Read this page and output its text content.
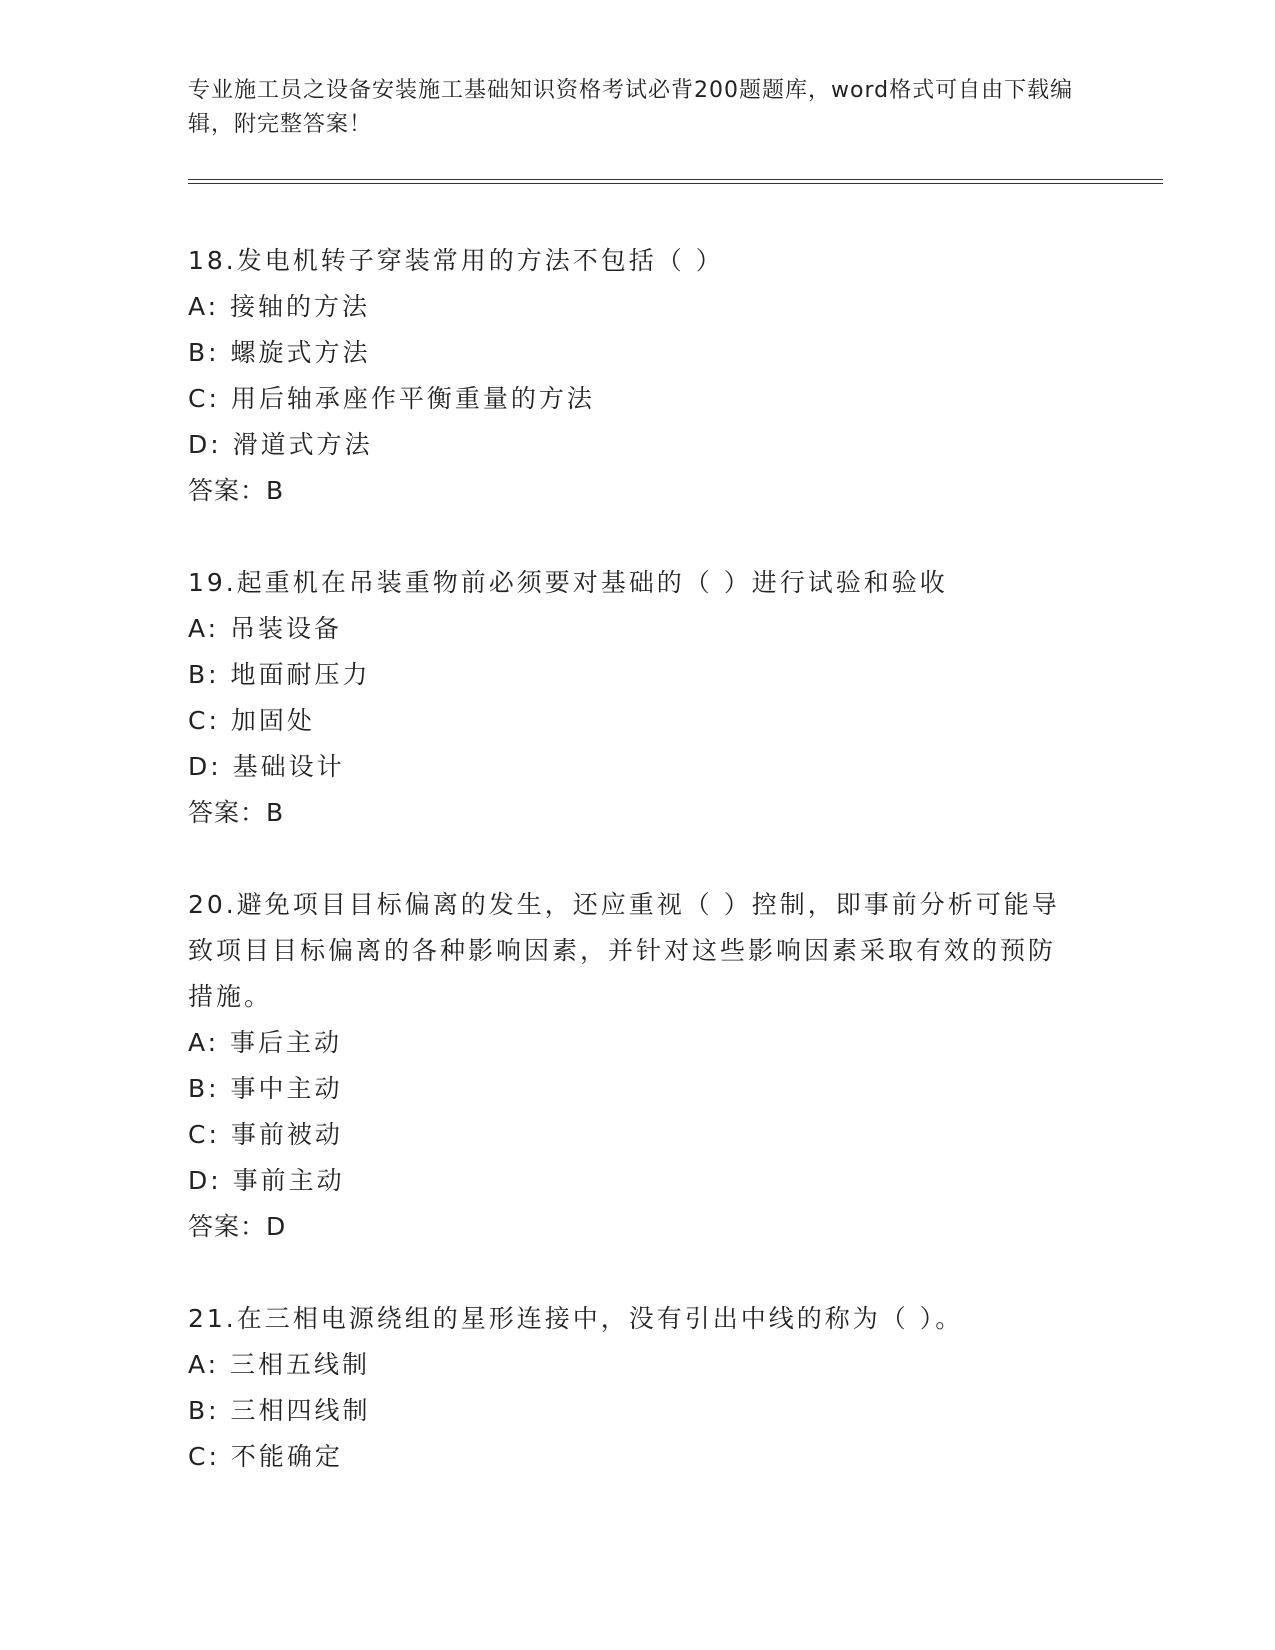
专业施工员之设备安装施工基础知识资格考试必背200题题库，word格式可自由下载编辑，附完整答案！
18.发电机转子穿装常用的方法不包括（ ）
A: 接轴的方法
B: 螺旋式方法
C: 用后轴承座作平衡重量的方法
D: 滑道式方法
答案：B
19.起重机在吊装重物前必须要对基础的（ ）进行试验和验收
A: 吊装设备
B: 地面耐压力
C: 加固处
D: 基础设计
答案：B
20.避免项目目标偏离的发生，还应重视（ ）控制，即事前分析可能导致项目目标偏离的各种影响因素，并针对这些影响因素采取有效的预防措施。
A: 事后主动
B: 事中主动
C: 事前被动
D: 事前主动
答案：D
21.在三相电源绕组的星形连接中，没有引出中线的称为（ ）。
A: 三相五线制
B: 三相四线制
C: 不能确定
